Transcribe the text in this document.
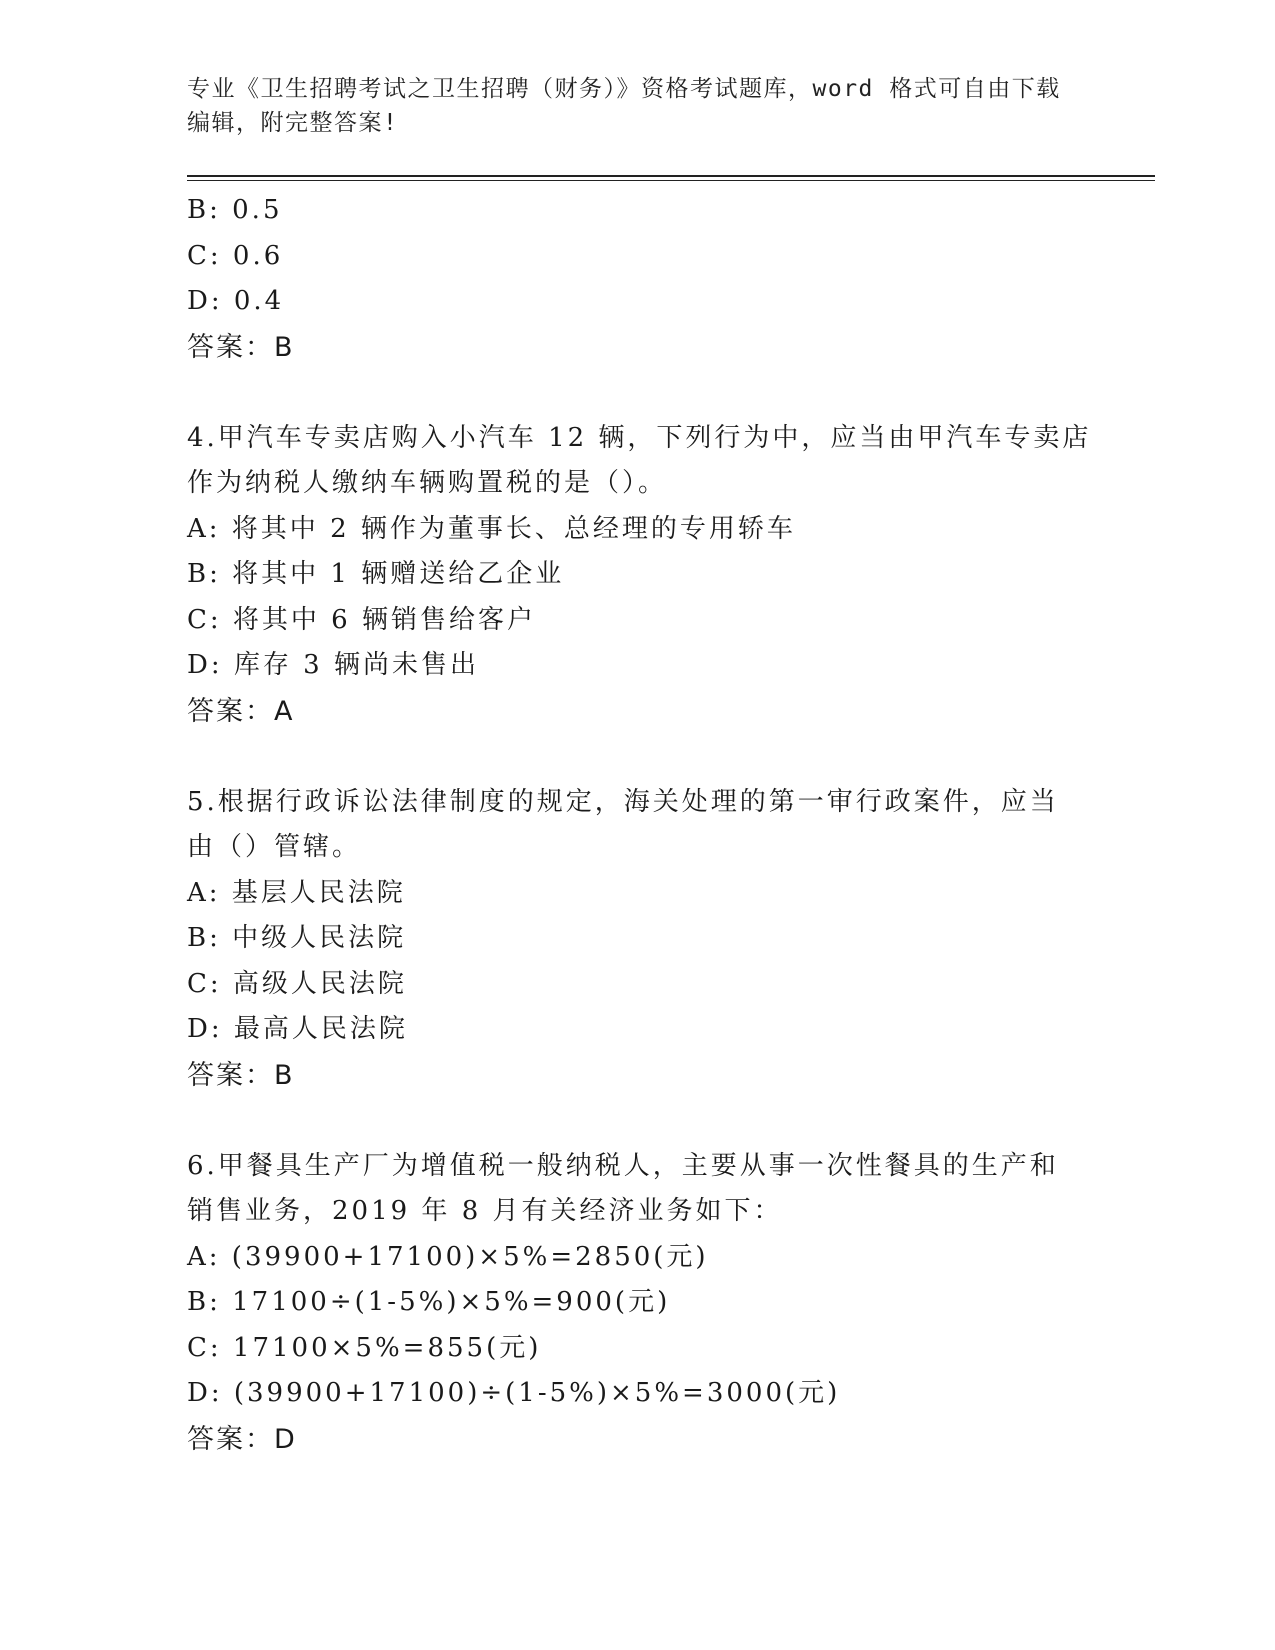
专业《卫生招聘考试之卫生招聘（财务）》资格考试题库，word 格式可自由下载
编辑，附完整答案!
B: 0.5
C: 0.6
D: 0.4
答案：B
4.甲汽车专卖店购入小汽车 12 辆，下列行为中，应当由甲汽车专卖店
作为纳税人缴纳车辆购置税的是（）。
A: 将其中 2 辆作为董事长、总经理的专用轿车
B: 将其中 1 辆赠送给乙企业
C: 将其中 6 辆销售给客户
D: 库存 3 辆尚未售出
答案：A
5.根据行政诉讼法律制度的规定，海关处理的第一审行政案件，应当
由（）管辖。
A: 基层人民法院
B: 中级人民法院
C: 高级人民法院
D: 最高人民法院
答案：B
6.甲餐具生产厂为增值税一般纳税人，主要从事一次性餐具的生产和
销售业务，2019 年 8 月有关经济业务如下：
A: (39900+17100)×5%=2850(元)
B: 17100÷(1-5%)×5%=900(元)
C: 17100×5%=855(元)
D: (39900+17100)÷(1-5%)×5%=3000(元)
答案：D
